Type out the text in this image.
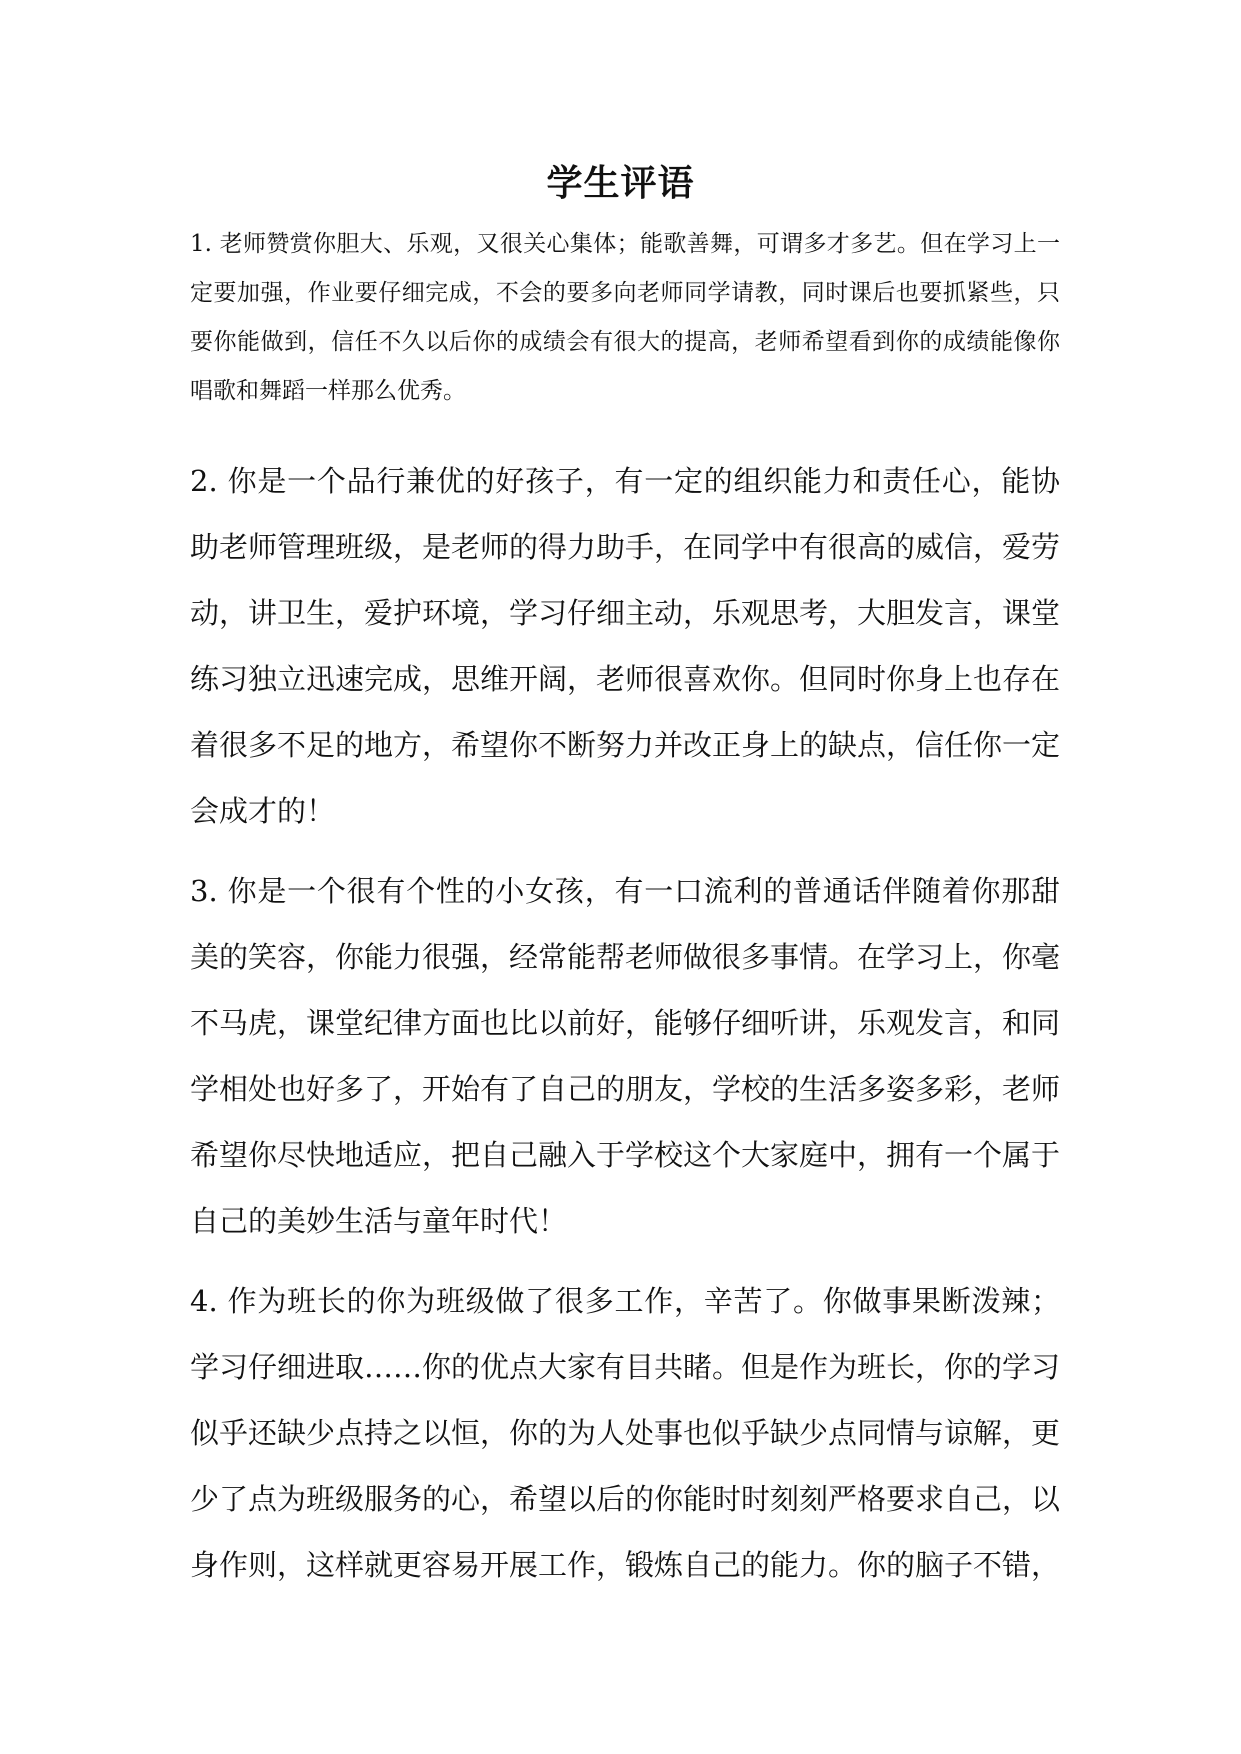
学生评语

1. 老师赞赏你胆大、乐观，又很关心集体；能歌善舞，可谓多才多艺。但在学习上一定要加强，作业要仔细完成，不会的要多向老师同学请教，同时课后也要抓紧些，只要你能做到，信任不久以后你的成绩会有很大的提高，老师希望看到你的成绩能像你唱歌和舞蹈一样那么优秀。

2. 你是一个品行兼优的好孩子，有一定的组织能力和责任心，能协助老师管理班级，是老师的得力助手，在同学中有很高的威信，爱劳动，讲卫生，爱护环境，学习仔细主动，乐观思考，大胆发言，课堂练习独立迅速完成，思维开阔，老师很喜欢你。但同时你身上也存在着很多不足的地方，希望你不断努力并改正身上的缺点，信任你一定会成才的！

3. 你是一个很有个性的小女孩，有一口流利的普通话伴随着你那甜美的笑容，你能力很强，经常能帮老师做很多事情。在学习上，你毫不马虎，课堂纪律方面也比以前好，能够仔细听讲，乐观发言，和同学相处也好多了，开始有了自己的朋友，学校的生活多姿多彩，老师希望你尽快地适应，把自己融入于学校这个大家庭中，拥有一个属于自己的美妙生活与童年时代！

4. 作为班长的你为班级做了很多工作，辛苦了。你做事果断泼辣；学习仔细进取……你的优点大家有目共睹。但是作为班长，你的学习似乎还缺少点持之以恒，你的为人处事也似乎缺少点同情与谅解，更少了点为班级服务的心，希望以后的你能时时刻刻严格要求自己，以身作则，这样就更容易开展工作，锻炼自己的能力。你的脑子不错，
